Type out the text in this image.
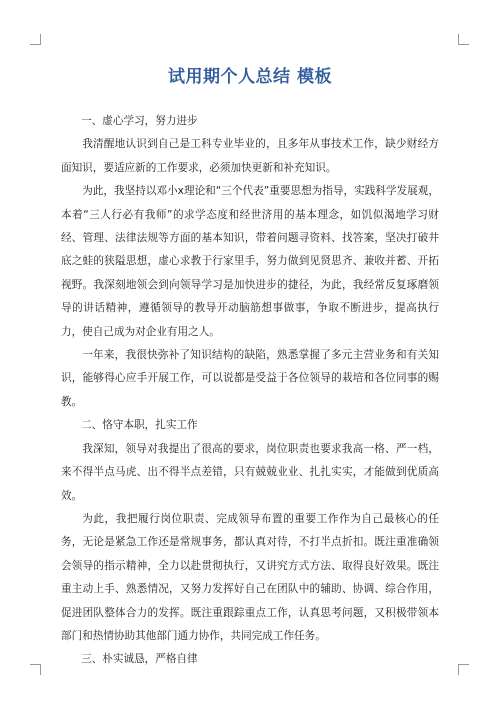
试用期个人总结 模板

一、虚心学习，努力进步

我清醒地认识到自己是工科专业毕业的，且多年从事技术工作，缺少财经方面知识，要适应新的工作要求，必须加快更新和补充知识。

为此，我坚持以邓小x理论和“三个代表”重要思想为指导，实践科学发展观，本着“三人行必有我师”的求学态度和经世济用的基本理念，如饥似渴地学习财经、管理、法律法规等方面的基本知识，带着问题寻资料、找答案，坚决打破井底之蛙的狭隘思想，虚心求教于行家里手，努力做到见贤思齐、兼收并蓄、开拓视野。我深刻地领会到向领导学习是加快进步的捷径，为此，我经常反复琢磨领导的讲话精神，遵循领导的教导开动脑筋想事做事，争取不断进步，提高执行力，使自己成为对企业有用之人。

一年来，我很快弥补了知识结构的缺陷，熟悉掌握了多元主营业务和有关知识，能够得心应手开展工作，可以说都是受益于各位领导的栽培和各位同事的赐教。

二、恪守本职，扎实工作

我深知，领导对我提出了很高的要求，岗位职责也要求我高一格、严一档，来不得半点马虎、出不得半点差错，只有兢兢业业、扎扎实实，才能做到优质高效。

为此，我把履行岗位职责、完成领导布置的重要工作作为自己最核心的任务，无论是紧急工作还是常规事务，都认真对待，不打半点折扣。既注重准确领会领导的指示精神，全力以赴贯彻执行，又讲究方式方法、取得良好效果。既注重主动上手、熟悉情况，又努力发挥好自己在团队中的辅助、协调、综合作用，促进团队整体合力的发挥。既注重跟踪重点工作，认真思考问题，又积极带领本部门和热情协助其他部门通力协作，共同完成工作任务。

三、朴实诚恳，严格自律
